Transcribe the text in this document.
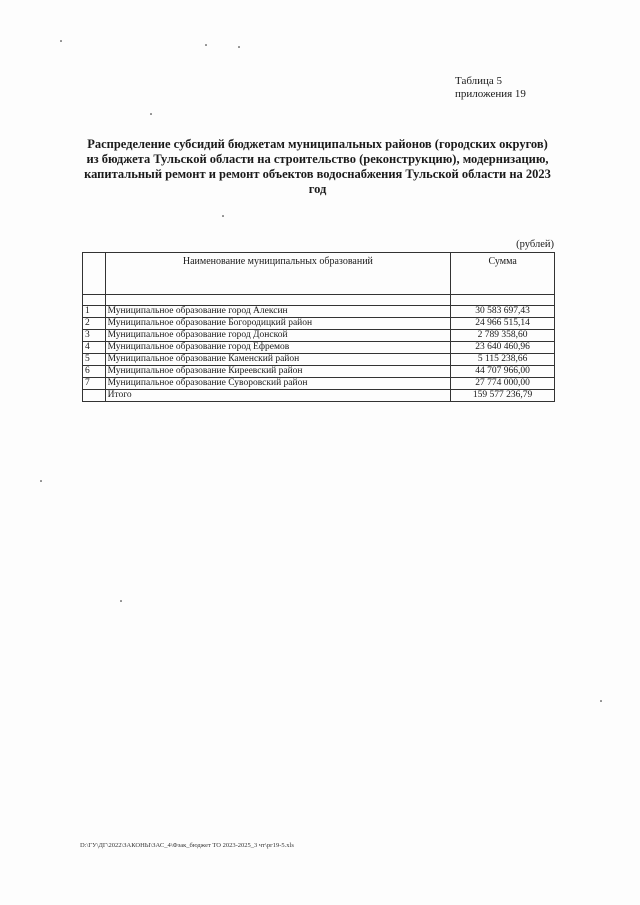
Таблица 5
приложения 19
Распределение субсидий бюджетам муниципальных районов (городских округов)
из бюджета Тульской области на строительство (реконструкцию), модернизацию,
капитальный ремонт и ремонт объектов водоснабжения Тульской области на 2023
год
(рублей)
	Наименование муниципальных образований	Сумма

1	Муниципальное образование город Алексин	30 583 697,43
2	Муниципальное образование Богородицкий район	24 966 515,14
3	Муниципальное образование город Донской	2 789 358,60
4	Муниципальное образование город Ефремов	23 640 460,96
5	Муниципальное образование Каменский район	5 115 238,66
6	Муниципальное образование Киреевский район	44 707 966,00
7	Муниципальное образование Суворовский район	27 774 000,00
	Итого	159 577 236,79
D:\ГУ\ДГ\2022\ЗАКОНЫ\ЗАС_4\Фзак_бюджет ТО 2023-2025_3 чт\рг19-5.xls
